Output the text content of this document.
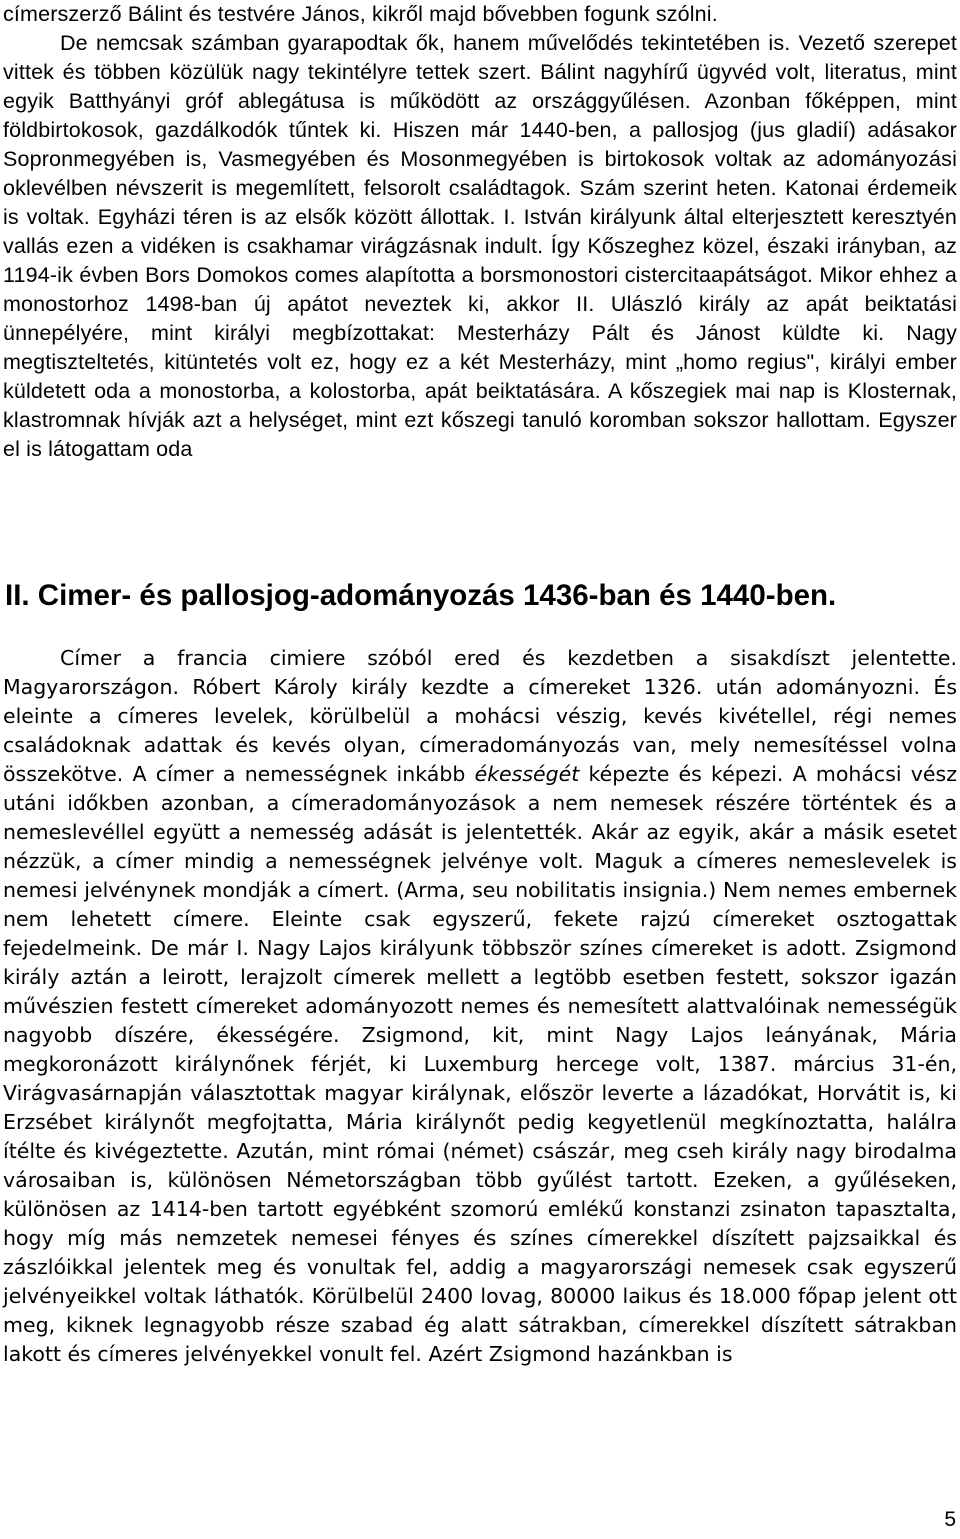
címerszerző Bálint és testvére János, kikről majd bővebben fogunk szólni.

De nemcsak számban gyarapodtak ők, hanem művelődés tekintetében is. Vezető szerepet vittek és többen közülük nagy tekintélyre tettek szert. Bálint nagyhírű ügyvéd volt, literatus, mint egyik Batthyányi gróf ablegátusa is működött az országgyűlésen. Azonban főképpen, mint földbirtokosok, gazdálkodók tűntek ki. Hiszen már 1440-ben, a pallosjog (jus gladií) adásakor Sopronmegyében is, Vasmegyében és Mosonmegyében is birtokosok voltak az adományozási oklevélben névszerit is megemlített, felsorolt családtagok. Szám szerint heten. Katonai érdemeik is voltak. Egyházi téren is az elsők között állottak. I. István királyunk által elterjesztett keresztyén vallás ezen a vidéken is csakhamar virágzásnak indult. Így Kőszeghez közel, északi irányban, az 1194-ik évben Bors Domokos comes alapította a borsmonostori cistercitaapátságot. Mikor ehhez a monostorhoz 1498-ban új apátot neveztek ki, akkor II. Ulászló király az apát beiktatási ünnepélyére, mint királyi megbízottakat: Mesterházy Pált és Jánost küldte ki. Nagy megtiszteltetés, kitüntetés volt ez, hogy ez a két Mesterházy, mint „homo regius", királyi ember küldetett oda a monostorba, a kolostorba, apát beiktatására. A kőszegiek mai nap is Klosternak, klastromnak hívják azt a helységet, mint ezt kőszegi tanuló koromban sokszor hallottam. Egyszer el is látogattam oda

II. Cimer- és pallosjog-adományozás 1436-ban és 1440-ben.

Címer a francia cimiere szóból ered és kezdetben a sisakdíszt jelentette. Magyarországon. Róbert Károly király kezdte a címereket 1326. után adományozni. És eleinte a címeres levelek, körülbelül a mohácsi vészig, kevés kivétellel, régi nemes családoknak adattak és kevés olyan, címeradományozás van, mely nemesítéssel volna összekötve. A címer a nemességnek inkább ékességét képezte és képezi. A mohácsi vész utáni időkben azonban, a címeradományozások a nem nemesek részére történtek és a nemeslevéllel együtt a nemesség adását is jelentették. Akár az egyik, akár a másik esetet nézzük, a címer mindig a nemességnek jelvénye volt. Maguk a címeres nemeslevelek is nemesi jelvénynek mondják a címert. (Arma, seu nobilitatis insignia.) Nem nemes embernek nem lehetett címere. Eleinte csak egyszerű, fekete rajzú címereket osztogattak fejedelmeink. De már I. Nagy Lajos királyunk többször színes címereket is adott. Zsigmond király aztán a leirott, lerajzolt címerek mellett a legtöbb esetben festett, sokszor igazán művészien festett címereket adományozott nemes és nemesített alattvalóinak nemességük nagyobb díszére, ékességére. Zsigmond, kit, mint Nagy Lajos leányának, Mária megkoronázott királynőnek férjét, ki Luxemburg hercege volt, 1387. március 31-én, Virágvasárnapján választottak magyar királynak, először leverte a lázadókat, Horvátit is, ki Erzsébet királynőt megfojtatta, Mária királynőt pedig kegyetlenül megkínoztatta, halálra ítélte és kivégeztette. Azután, mint római (német) császár, meg cseh király nagy birodalma városaiban is, különösen Németországban több gyűlést tartott. Ezeken, a gyűléseken, különösen az 1414-ben tartott egyébként szomorú emlékű konstanzi zsinaton tapasztalta, hogy míg más nemzetek nemesei fényes és színes címerekkel díszített pajzsaikkal és zászlóikkal jelentek meg és vonultak fel, addig a magyarországi nemesek csak egyszerű jelvényeikkel voltak láthatók. Körülbelül 2400 lovag, 80000 laikus és 18.000 főpap jelent ott meg, kiknek legnagyobb része szabad ég alatt sátrakban, címerekkel díszített sátrakban lakott és címeres jelvényekkel vonult fel. Azért Zsigmond hazánkban is

5
